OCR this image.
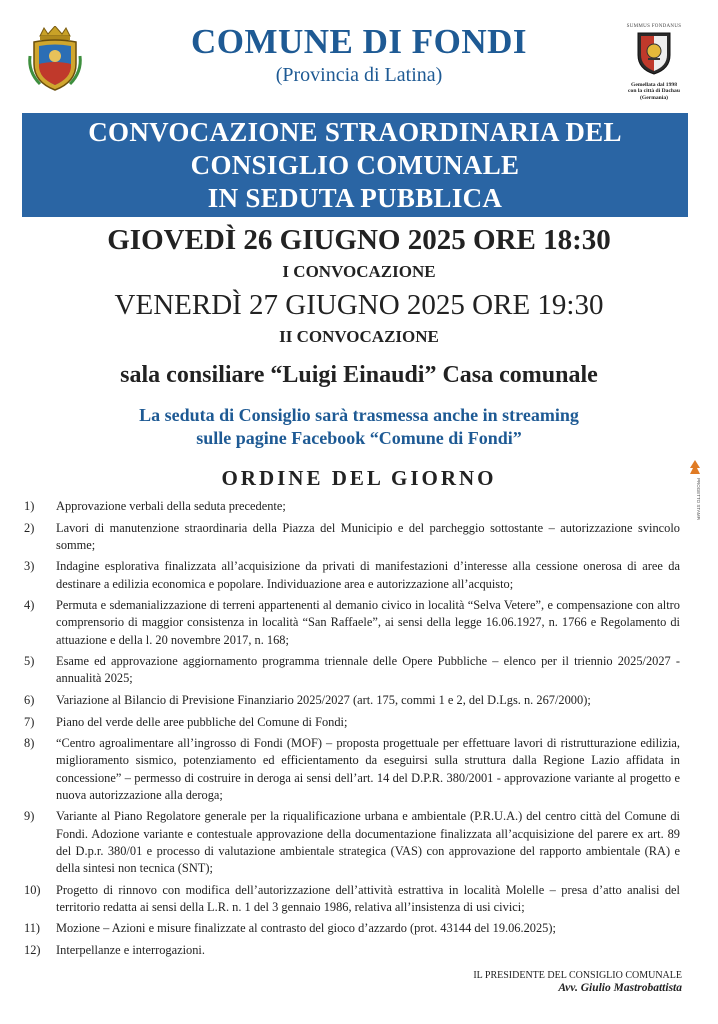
SUMMUS FONDANUS
Gemellata dal 1998
con la città di Dachau
(Germania)
COMUNE DI FONDI
(Provincia di Latina)
CONVOCAZIONE STRAORDINARIA DEL
CONSIGLIO COMUNALE
IN SEDUTA PUBBLICA
GIOVEDÌ 26 GIUGNO 2025 ORE 18:30
I CONVOCAZIONE
VENERDÌ 27 GIUGNO 2025 ORE 19:30
II CONVOCAZIONE
sala consiliare “Luigi Einaudi” Casa comunale
La seduta di Consiglio sarà trasmessa anche in streaming
sulle pagine Facebook “Comune di Fondi”
ORDINE DEL GIORNO	PROGETTO STAMPA
1)	Approvazione verbali della seduta precedente;
2)	Lavori di manutenzione straordinaria della Piazza del Municipio e del parcheggio sottostante – autorizzazione svincolo somme;
3)	Indagine esplorativa finalizzata all’acquisizione da privati di manifestazioni d’interesse alla cessione onerosa di aree da destinare a edilizia economica e popolare. Individuazione area e autorizzazione all’acquisto;
4)	Permuta e sdemanializzazione di terreni appartenenti al demanio civico in località “Selva Vetere”, e compensazione con altro comprensorio di maggior consistenza in località “San Raffaele”, ai sensi della legge 16.06.1927, n. 1766 e Regolamento di attuazione e della l. 20 novembre 2017, n. 168;
5)	Esame ed approvazione aggiornamento programma triennale delle Opere Pubbliche – elenco per il triennio 2025/2027 - annualità 2025;
6)	Variazione al Bilancio di Previsione Finanziario 2025/2027 (art. 175, commi 1 e 2, del D.Lgs. n. 267/2000);
7)	Piano del verde delle aree pubbliche del Comune di Fondi;
8)	“Centro agroalimentare all’ingrosso di Fondi (MOF) – proposta progettuale per effettuare lavori di ristrutturazione edilizia, miglioramento sismico, potenziamento ed efficientamento da eseguirsi sulla struttura dalla Regione Lazio affidata in concessione” – permesso di costruire in deroga ai sensi dell’art. 14 del D.P.R. 380/2001 - approvazione variante al progetto e nuova autorizzazione alla deroga;
9)	Variante al Piano Regolatore generale per la riqualificazione urbana e ambientale (P.R.U.A.) del centro città del Comune di Fondi. Adozione variante e contestuale approvazione della documentazione finalizzata all’acquisizione del parere ex art. 89 del D.p.r. 380/01 e processo di valutazione ambientale strategica (VAS) con approvazione del rapporto ambientale (RA) e della sintesi non tecnica (SNT);
10)	Progetto di rinnovo con modifica dell’autorizzazione dell’attività estrattiva in località Molelle – presa d’atto analisi del territorio redatta ai sensi della L.R. n. 1 del 3 gennaio 1986, relativa all’insistenza di usi civici;
11)	Mozione – Azioni e misure finalizzate al contrasto del gioco d’azzardo (prot. 43144 del 19.06.2025);
12)	Interpellanze e interrogazioni.
IL PRESIDENTE DEL CONSIGLIO COMUNALE
Avv. Giulio Mastrobattista
